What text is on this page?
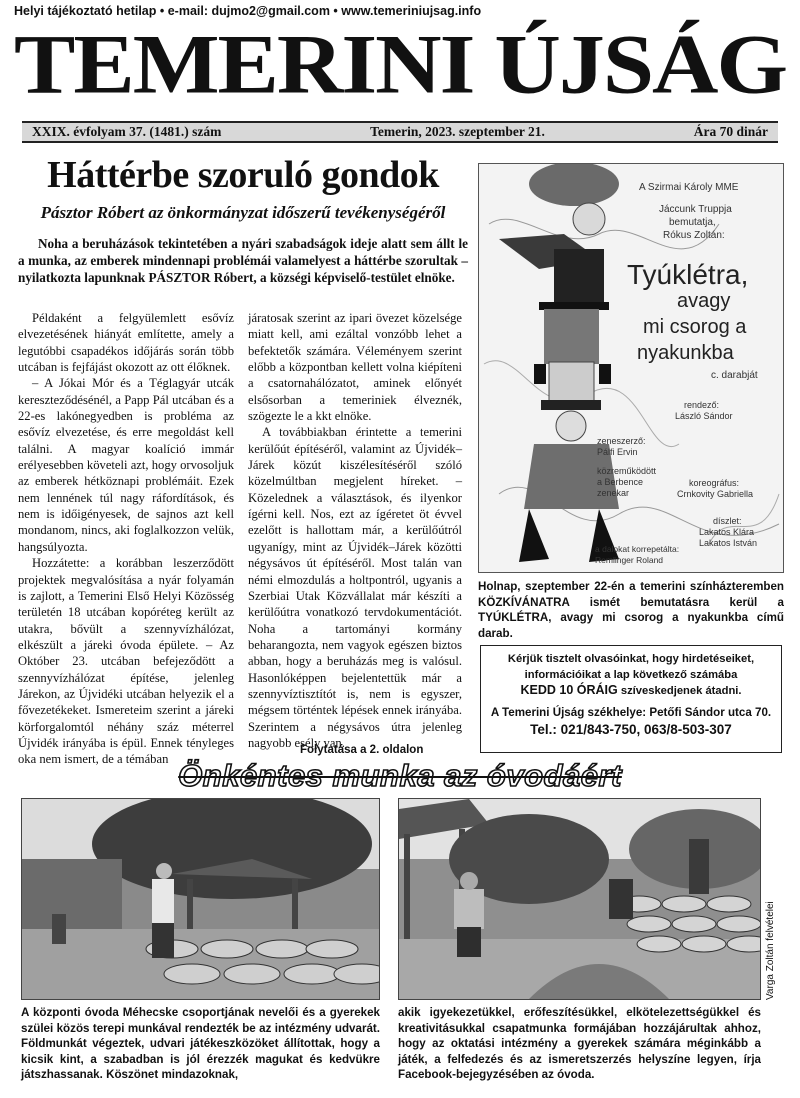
Helyi tájékoztató hetilap • e-mail: dujmo2@gmail.com • www.temeriniujsag.info
TEMERINI ÚJSÁG
XXIX. évfolyam 37. (1481.) szám	Temerin, 2023. szeptember 21.	Ára 70 dinár
Háttérbe szoruló gondok
Pásztor Róbert az önkormányzat időszerű tevékenységéről

Noha a beruházások tekintetében a nyári szabadságok ideje alatt sem állt le a munka, az emberek mindennapi problémái valamelyest a háttérbe szorultak – nyilatkozta lapunknak PÁSZTOR Róbert, a községi képviselő-testület elnöke.

Példaként a felgyülemlett esővíz elvezetésének hiányát említette, amely a legutóbbi csapadékos időjárás során több utcában is fejfájást okozott az ott élőknek.

– A Jókai Mór és a Téglagyár utcák kereszteződésénél, a Papp Pál utcában és a 22-es lakónegyedben is probléma az esővíz elvezetése, és erre megoldást kell találni. A magyar koalíció immár erélyesebben követeli azt, hogy orvosoljuk az emberek hétköznapi problémáit. Ezek nem lennének túl nagy ráfordítások, és nem is időigényesek, de sajnos azt kell mondanom, nincs, aki foglalkozzon velük, hangsúlyozta.

Hozzátette: a korábban leszerződött projektek megvalósítása a nyár folyamán is zajlott, a Temerini Első Helyi Közösség területén 18 utcában kopóréteg került az utakra, bővült a szennyvízhálózat, elkészült a járeki óvoda épülete. – Az Október 23. utcában befejeződött a szennyvízhálózat építése, jelenleg Járekon, az Újvidéki utcában helyezik el a fővezetékeket. Ismereteim szerint a járeki körforgalomtól néhány száz méterrel Újvidék irányába is épül. Ennek tényleges oka nem ismert, de a témában

járatosak szerint az ipari övezet közelsége miatt kell, ami ezáltal vonzóbb lehet a befektetők számára. Véleményem szerint előbb a központban kellett volna kiépíteni a csatornahálózatot, aminek előnyét elsősorban a temeriniek élveznék, szögezte le a kkt elnöke.

A továbbiakban érintette a temerini kerülőút építéséről, valamint az Újvidék–Járek közút kiszélesítéséről szóló közelmúltban megjelent híreket. – Közelednek a választások, és ilyenkor ígérni kell. Nos, ezt az ígéretet öt évvel ezelőtt is hallottam már, a kerülőútról ugyanígy, mint az Újvidék–Járek közötti négysávos út építéséről. Most talán van némi elmozdulás a holtpontról, ugyanis a Szerbiai Utak Közvállalat már készíti a kerülőútra vonatkozó tervdokumentációt. Noha a tartományi kormány beharangozta, nem vagyok egészen biztos abban, hogy a beruházás meg is valósul. Hasonlóképpen bejelentettük már a szennyvíztisztítót is, nem is egyszer, mégsem történtek lépések ennek irányába. Szerintem a négysávos útra jelenleg nagyobb esély van.

Folytatása a 2. oldalon
A Szirmai Károly MME
Jáccunk Truppja
bemutatja,
Rókus Zoltán:
Tyúklétra,
avagy
mi csorog a
nyakunkba
c. darabját
rendező:
László Sándor
zeneszerző:
Pálfi Ervin
közreműködött
a Berbence
zenekar
koreográfus:
Crnkovity Gabriella
díszlet:
Lakatos Klára
Lakatos István
a dalokat korrepetálta:
Remlinger Roland

Holnap, szeptember 22-én a temerini színházteremben KÖZKÍVÁNATRA ismét bemutatásra kerül a TYÚKLÉTRA, avagy mi csorog a nyakunkba című darab.

Kérjük tisztelt olvasóinkat, hogy hirdetéseiket,
információikat a lap következő számába
KEDD 10 ÓRÁIG szíveskedjenek átadni.
A Temerini Újság székhelye: Petőfi Sándor utca 70.
Tel.: 021/843-750, 063/8-503-307
Önkéntes munka az óvodáért
Varga Zoltán felvételei

A központi óvoda Méhecske csoportjának nevelői és a gyerekek szülei közös terepi munkával rendezték be az intézmény udvarát. Földmunkát végeztek, udvari játékeszközöket állítottak, hogy a kicsik kint, a szabadban is jól érezzék magukat és kedvükre játszhassanak. Köszönet mindazoknak,

akik igyekezetükkel, erőfeszítésükkel, elkötelezettségükkel és kreativitásukkal csapatmunka formájában hozzájárultak ahhoz, hogy az oktatási intézmény a gyerekek számára méginkább a játék, a felfedezés és az ismeretszerzés helyszíne legyen, írja Facebook-bejegyzésében az óvoda.
